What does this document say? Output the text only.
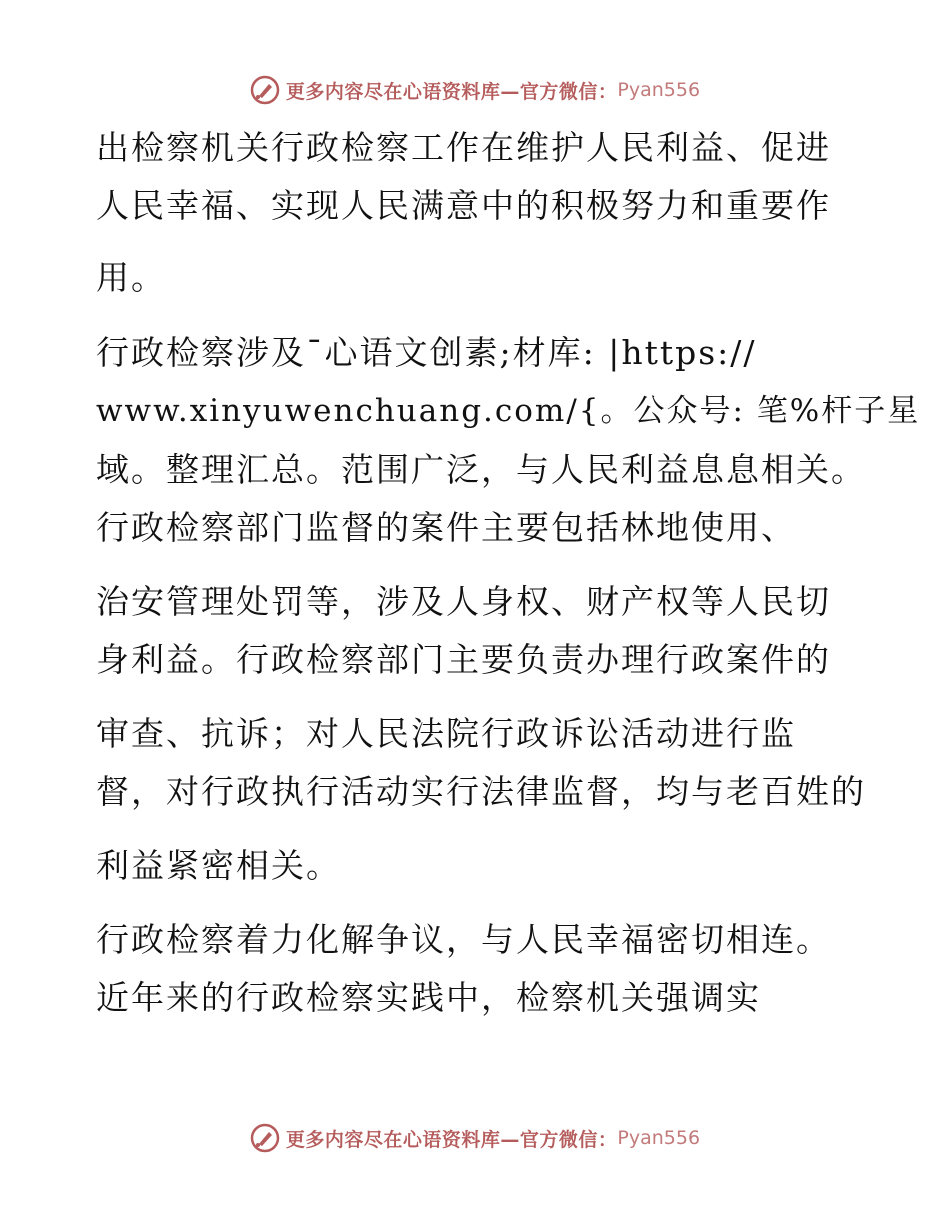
更多内容尽在心语资料库—官方微信： Pyan556
出检察机关行政检察工作在维护人民利益、促进
人民幸福、实现人民满意中的积极努力和重要作
用。
行政检察涉及¯心语文创素;材库: |https://
www.xinyuwenchuang.com/{。公众号: 笔%杆子星
域。整理汇总。范围广泛，与人民利益息息相关。
行政检察部门监督的案件主要包括林地使用、
治安管理处罚等，涉及人身权、财产权等人民切
身利益。行政检察部门主要负责办理行政案件的
审查、抗诉；对人民法院行政诉讼活动进行监
督，对行政执行活动实行法律监督，均与老百姓的
利益紧密相关。
行政检察着力化解争议，与人民幸福密切相连。
近年来的行政检察实践中，检察机关强调实
更多内容尽在心语资料库—官方微信： Pyan556
